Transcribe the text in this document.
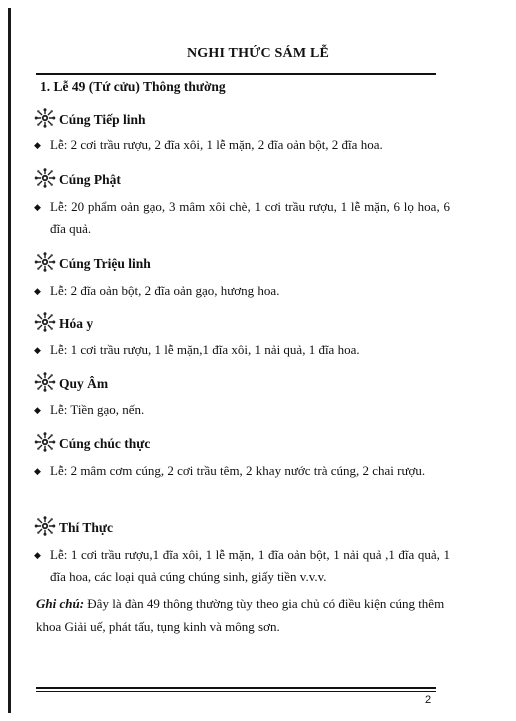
NGHI THỨC SÁM LỄ
1. Lễ 49 (Tứ cửu) Thông thường
Cúng Tiếp linh
◆ Lễ: 2 cơi trầu rượu, 2 đĩa xôi, 1 lễ mặn, 2 đĩa oản bột, 2 đĩa hoa.
Cúng Phật
◆ Lễ: 20 phẩm oản gạo, 3 mâm xôi chè, 1 cơi trầu rượu, 1 lễ mặn, 6 lọ hoa, 6 đĩa quả.
Cúng Triệu linh
◆ Lễ: 2 đĩa oản bột, 2 đĩa oản gạo, hương hoa.
Hóa y
◆ Lễ: 1 cơi trầu rượu, 1 lễ mặn,1 đĩa xôi, 1 nải quả, 1 đĩa hoa.
Quy Âm
◆ Lễ: Tiền gạo, nến.
Cúng chúc thực
◆ Lễ: 2 mâm cơm cúng, 2 cơi trầu têm, 2 khay nước trà cúng, 2 chai rượu.
Thí Thực
◆ Lễ: 1 cơi trầu rượu,1 đĩa xôi, 1 lễ mặn, 1 đĩa oản bột, 1 nải quả ,1 đĩa quả, 1 đĩa hoa, các loại quả cúng chúng sinh, giấy tiền v.v.v.
Ghi chú: Đây là đàn 49 thông thường tùy theo gia chủ có điều kiện cúng thêm khoa Giải uế, phát tấu, tụng kinh và mông sơn.
2
